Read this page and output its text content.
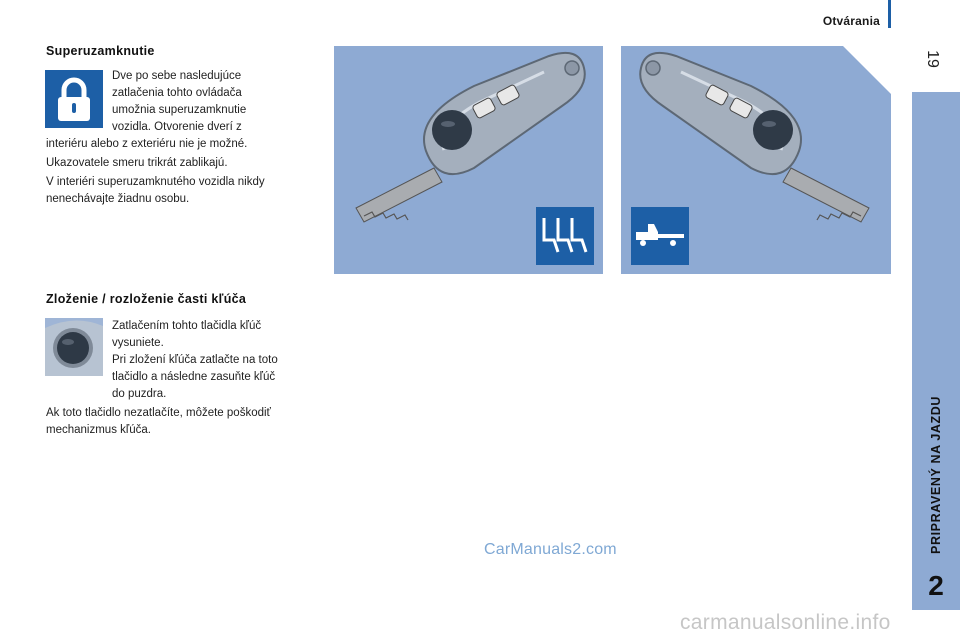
Otvárania
19
PRIPRAVENÝ NA JAZDU
2
Superuzamknutie

Dve po sebe nasledujúce

zatlačenia tohto ovládača

umožnia superuzamknutie

vozidla. Otvorenie dverí z

interiéru alebo z exteriéru nie je možné.

Ukazovatele smeru trikrát zablikajú.

V interiéri superuzamknutého vozidla nikdy

nenechávajte žiadnu osobu.

Zloženie / rozloženie časti kľúča

Zatlačením tohto tlačidla kľúč

vysuniete.

Pri zložení kľúča zatlačte na toto

tlačidlo a následne zasuňte kľúč

do puzdra.

Ak toto tlačidlo nezatlačíte, môžete poškodiť

mechanizmus kľúča.

CarManuals2.com
carmanualsonline.info
